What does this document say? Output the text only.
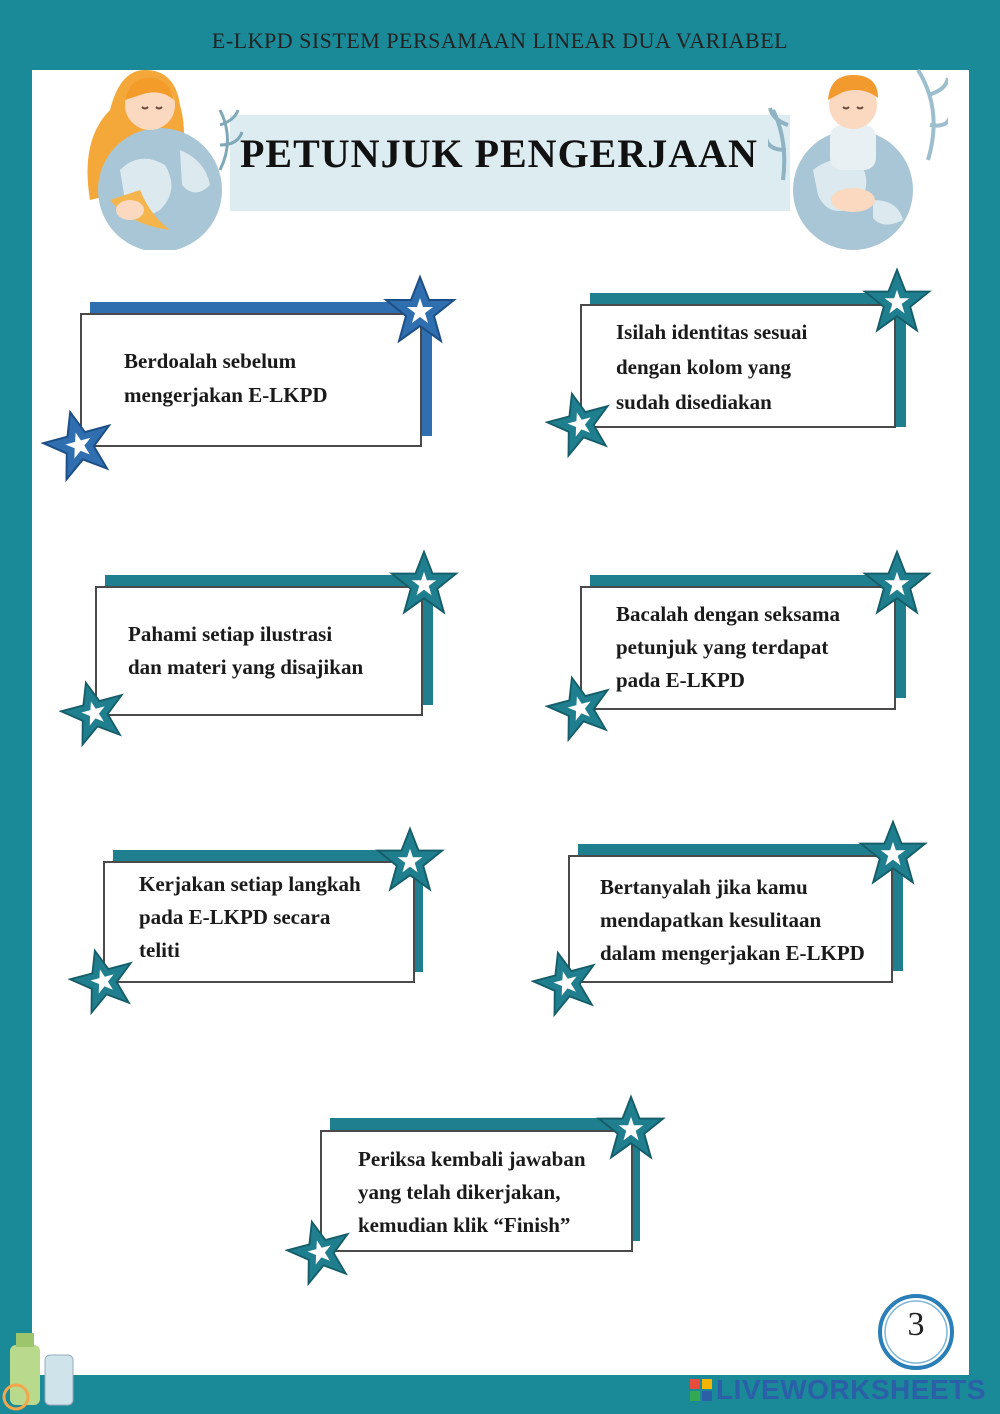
E-LKPD SISTEM PERSAMAAN LINEAR DUA VARIABEL
PETUNJUK PENGERJAAN
Berdoalah sebelum
mengerjakan E-LKPD
Isilah identitas sesuai
dengan kolom yang
sudah disediakan
Pahami setiap ilustrasi
dan materi yang disajikan
Bacalah dengan seksama
petunjuk yang terdapat
pada E-LKPD
Kerjakan setiap langkah
pada E-LKPD secara
teliti
Bertanyalah jika kamu
mendapatkan kesulitaan
dalam mengerjakan E-LKPD
Periksa kembali jawaban
yang telah dikerjakan,
kemudian klik “Finish”
3
LIVEWORKSHEETS
